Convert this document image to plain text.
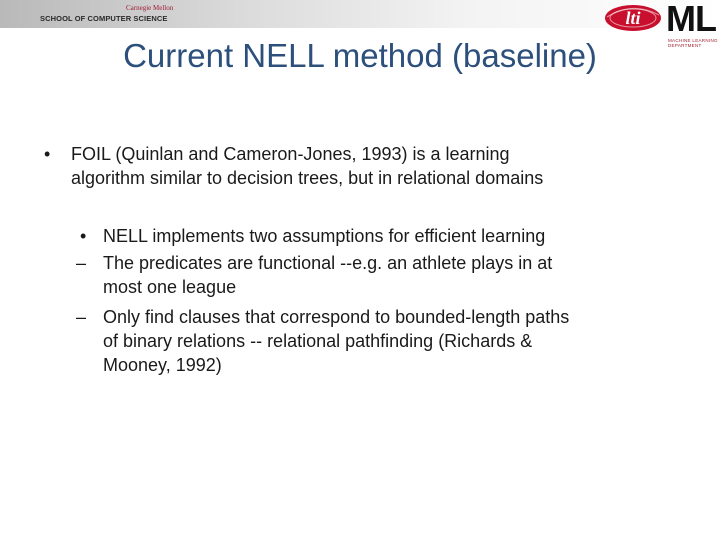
Carnegie Mellon
SCHOOL OF COMPUTER SCIENCE	lti ML
MACHINE LEARNING
DEPARTMENT
Current NELL method (baseline)
• FOIL (Quinlan and Cameron-Jones, 1993) is a learning
algorithm similar to decision trees, but in relational domains
• NELL implements two assumptions for efficient learning
– The predicates are functional --e.g. an athlete plays in at
most one league
– Only find clauses that correspond to bounded-length paths
of binary relations -- relational pathfinding (Richards &
Mooney, 1992)
